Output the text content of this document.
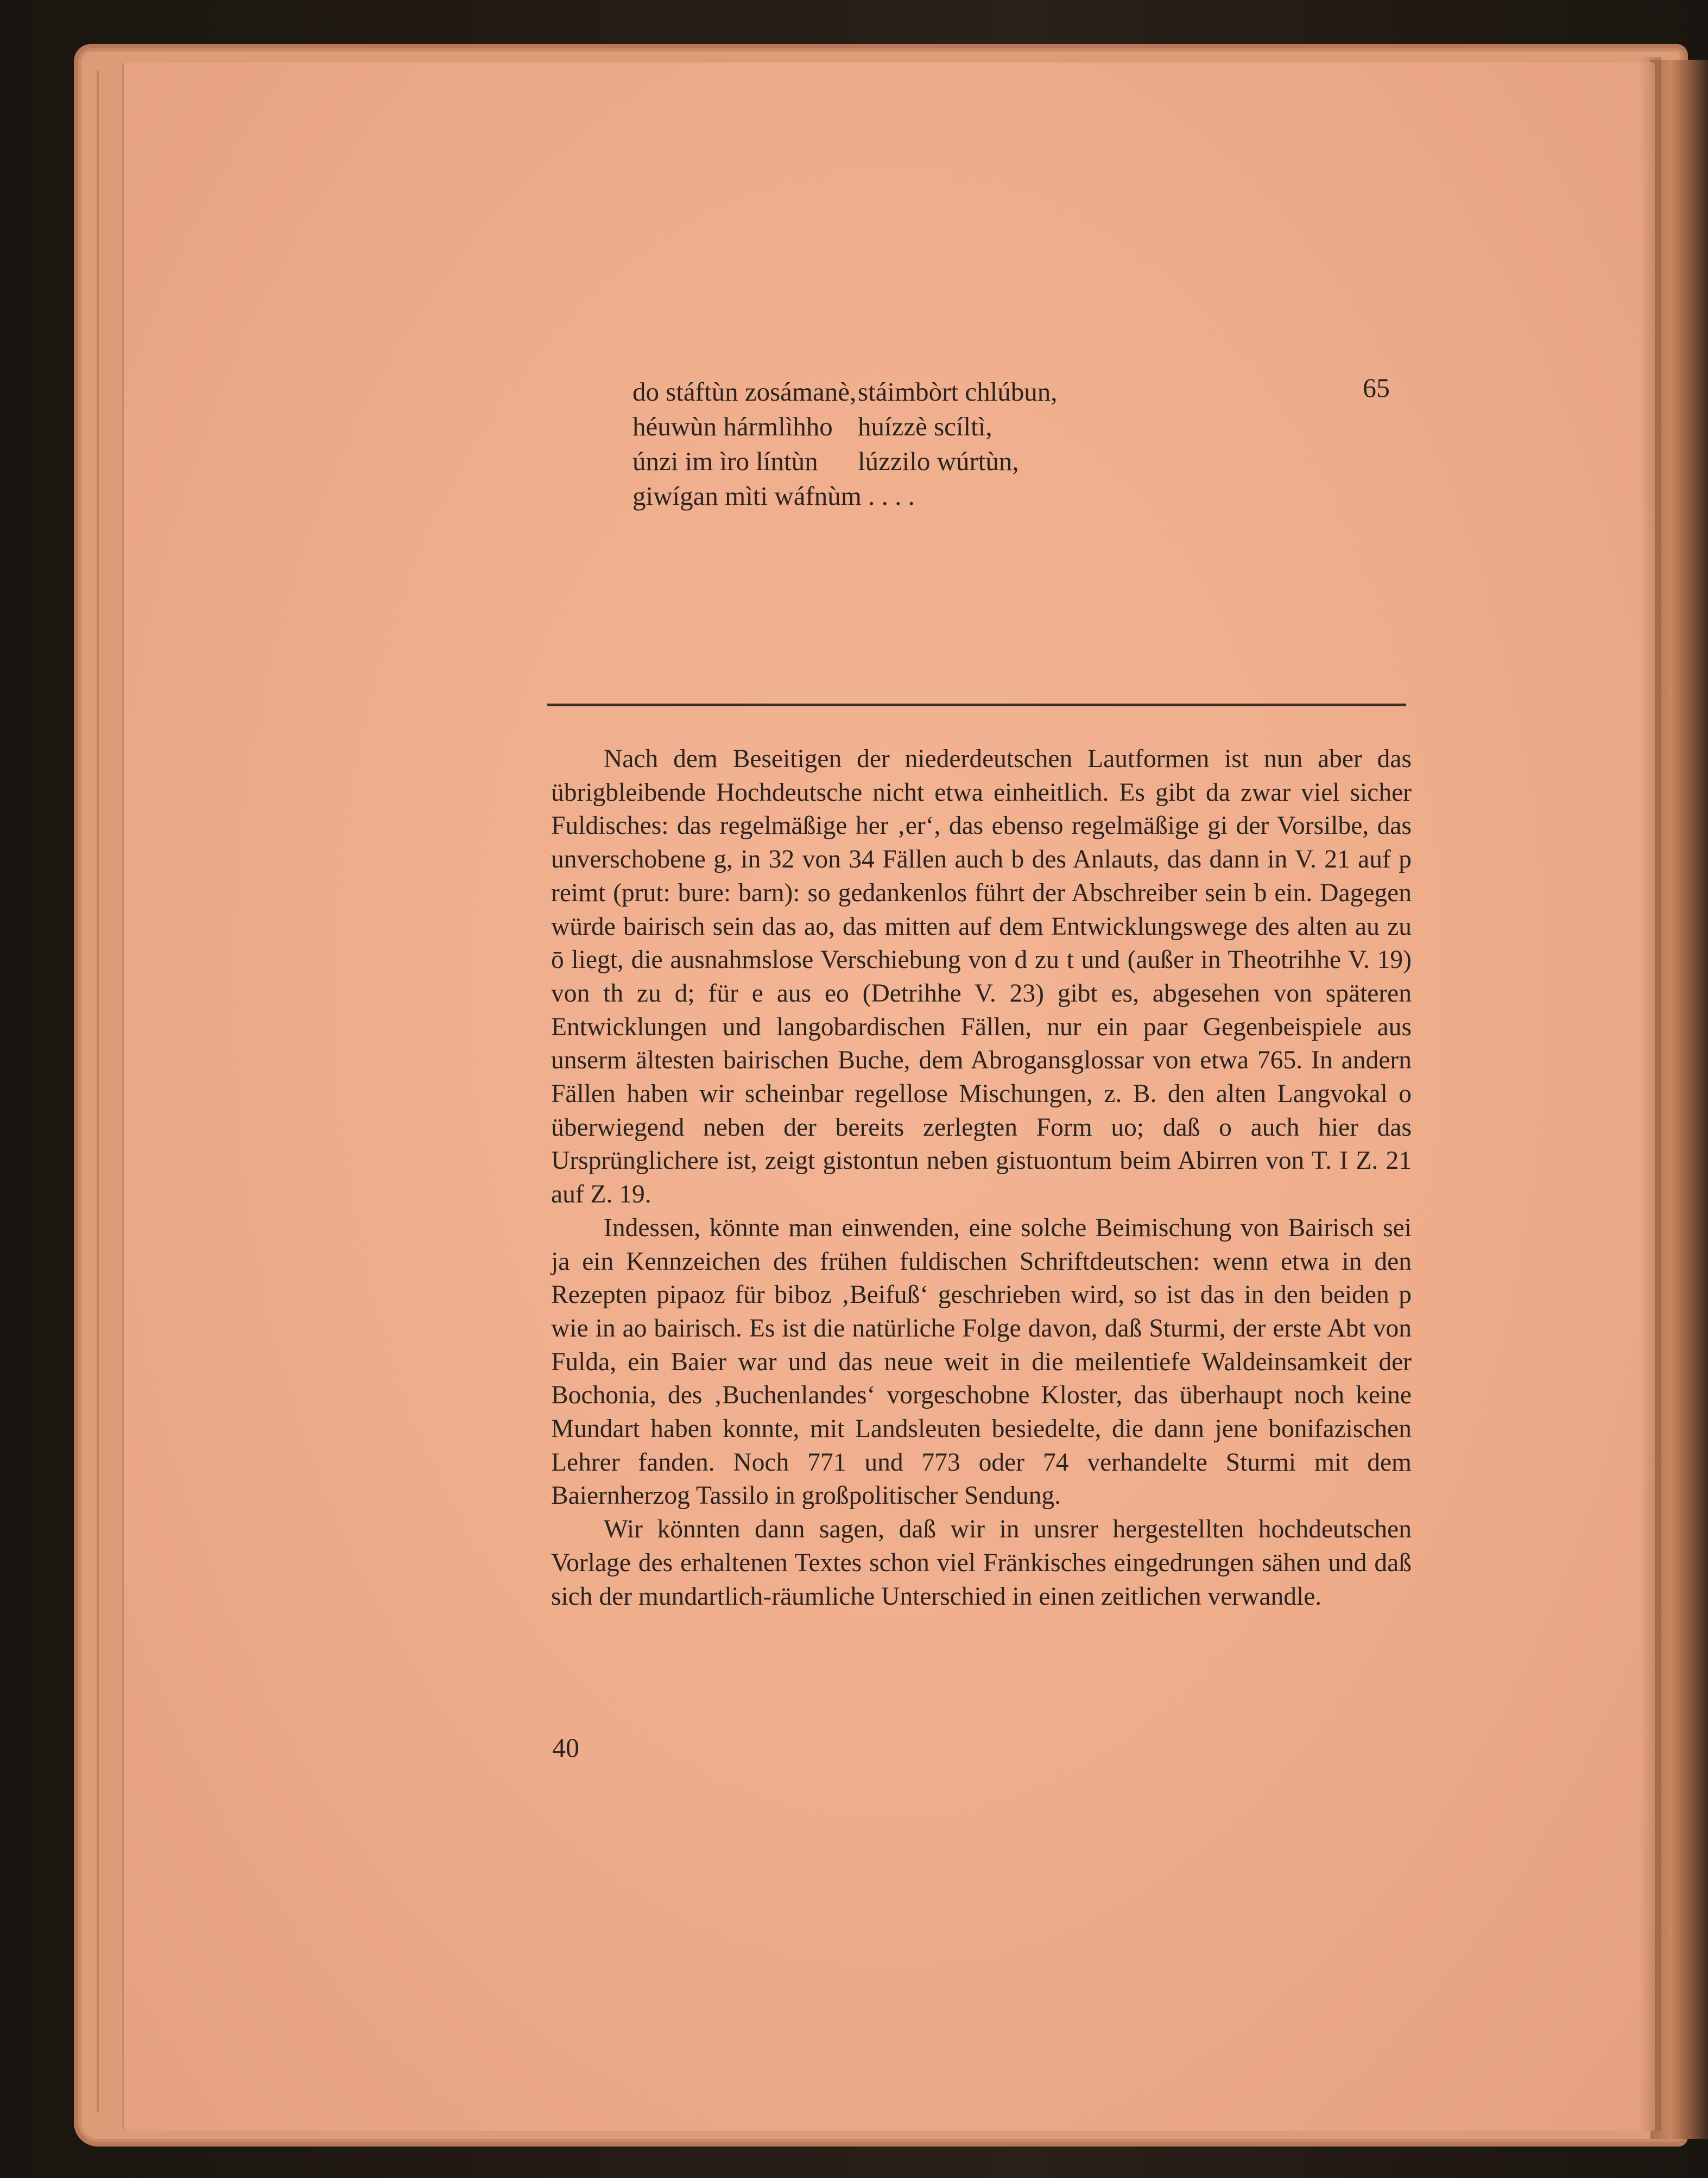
do stáftùn zosámanè, stáimbòrt chlúbun,
héuwùn hármlìhho huízzè scíltì,
únzi im ìro líntùn	lúzzilo wúrtùn,
giwígan mìti wáfnùm . . . .
65

Nach dem Beseitigen der niederdeutschen Lautformen ist nun aber das übrigbleibende Hochdeutsche nicht etwa einheitlich. Es gibt da zwar viel sicher Fuldisches: das regelmäßige her ‚er‘, das ebenso regelmäßige gi der Vorsilbe, das unverschobene g, in 32 von 34 Fällen auch b des Anlauts, das dann in V. 21 auf p reimt (prut: bure: barn): so gedankenlos führt der Abschreiber sein b ein. Dagegen würde bairisch sein das ao, das mitten auf dem Entwicklungswege des alten au zu ō liegt, die ausnahmslose Verschiebung von d zu t und (außer in Theotrihhe V. 19) von th zu d; für e aus eo (Detrihhe V. 23) gibt es, abgesehen von späteren Entwicklungen und langobardischen Fällen, nur ein paar Gegenbeispiele aus unserm ältesten bairischen Buche, dem Abrogansglossar von etwa 765. In andern Fällen haben wir scheinbar regellose Mischungen, z. B. den alten Langvokal o überwiegend neben der bereits zerlegten Form uo; daß o auch hier das Ursprünglichere ist, zeigt gistontun neben gistuontum beim Abirren von T. I Z. 21 auf Z. 19.

Indessen, könnte man einwenden, eine solche Beimischung von Bairisch sei ja ein Kennzeichen des frühen fuldischen Schriftdeutschen: wenn etwa in den Rezepten pipaoz für biboz ‚Beifuß‘ geschrieben wird, so ist das in den beiden p wie in ao bairisch. Es ist die natürliche Folge davon, daß Sturmi, der erste Abt von Fulda, ein Baier war und das neue weit in die meilentiefe Waldeinsamkeit der Bochonia, des ‚Buchenlandes‘ vorgeschobne Kloster, das überhaupt noch keine Mundart haben konnte, mit Landsleuten besiedelte, die dann jene bonifazischen Lehrer fanden. Noch 771 und 773 oder 74 verhandelte Sturmi mit dem Baiernherzog Tassilo in großpolitischer Sendung.

Wir könnten dann sagen, daß wir in unsrer hergestellten hochdeutschen Vorlage des erhaltenen Textes schon viel Fränkisches eingedrungen sähen und daß sich der mundartlich-räumliche Unterschied in einen zeitlichen verwandle.

40
